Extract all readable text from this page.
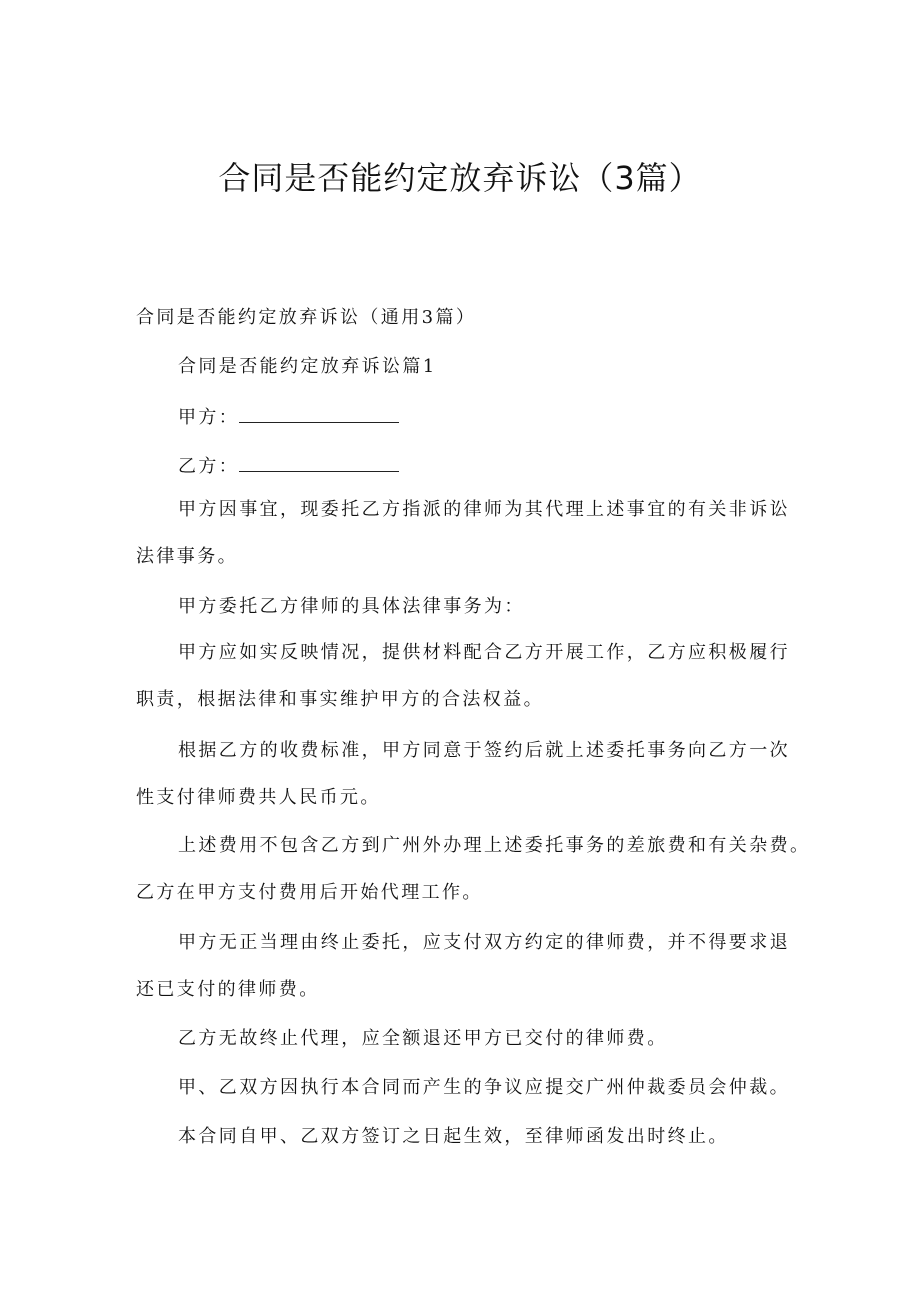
合同是否能约定放弃诉讼（3篇）

合同是否能约定放弃诉讼（通用3篇）

合同是否能约定放弃诉讼篇1

甲方：

乙方：

甲方因事宜，现委托乙方指派的律师为其代理上述事宜的有关非诉讼

法律事务。

甲方委托乙方律师的具体法律事务为：

甲方应如实反映情况，提供材料配合乙方开展工作，乙方应积极履行

职责，根据法律和事实维护甲方的合法权益。

根据乙方的收费标准，甲方同意于签约后就上述委托事务向乙方一次

性支付律师费共人民币元。

上述费用不包含乙方到广州外办理上述委托事务的差旅费和有关杂费。

乙方在甲方支付费用后开始代理工作。

甲方无正当理由终止委托，应支付双方约定的律师费，并不得要求退

还已支付的律师费。

乙方无故终止代理，应全额退还甲方已交付的律师费。

甲、乙双方因执行本合同而产生的争议应提交广州仲裁委员会仲裁。

本合同自甲、乙双方签订之日起生效，至律师函发出时终止。
